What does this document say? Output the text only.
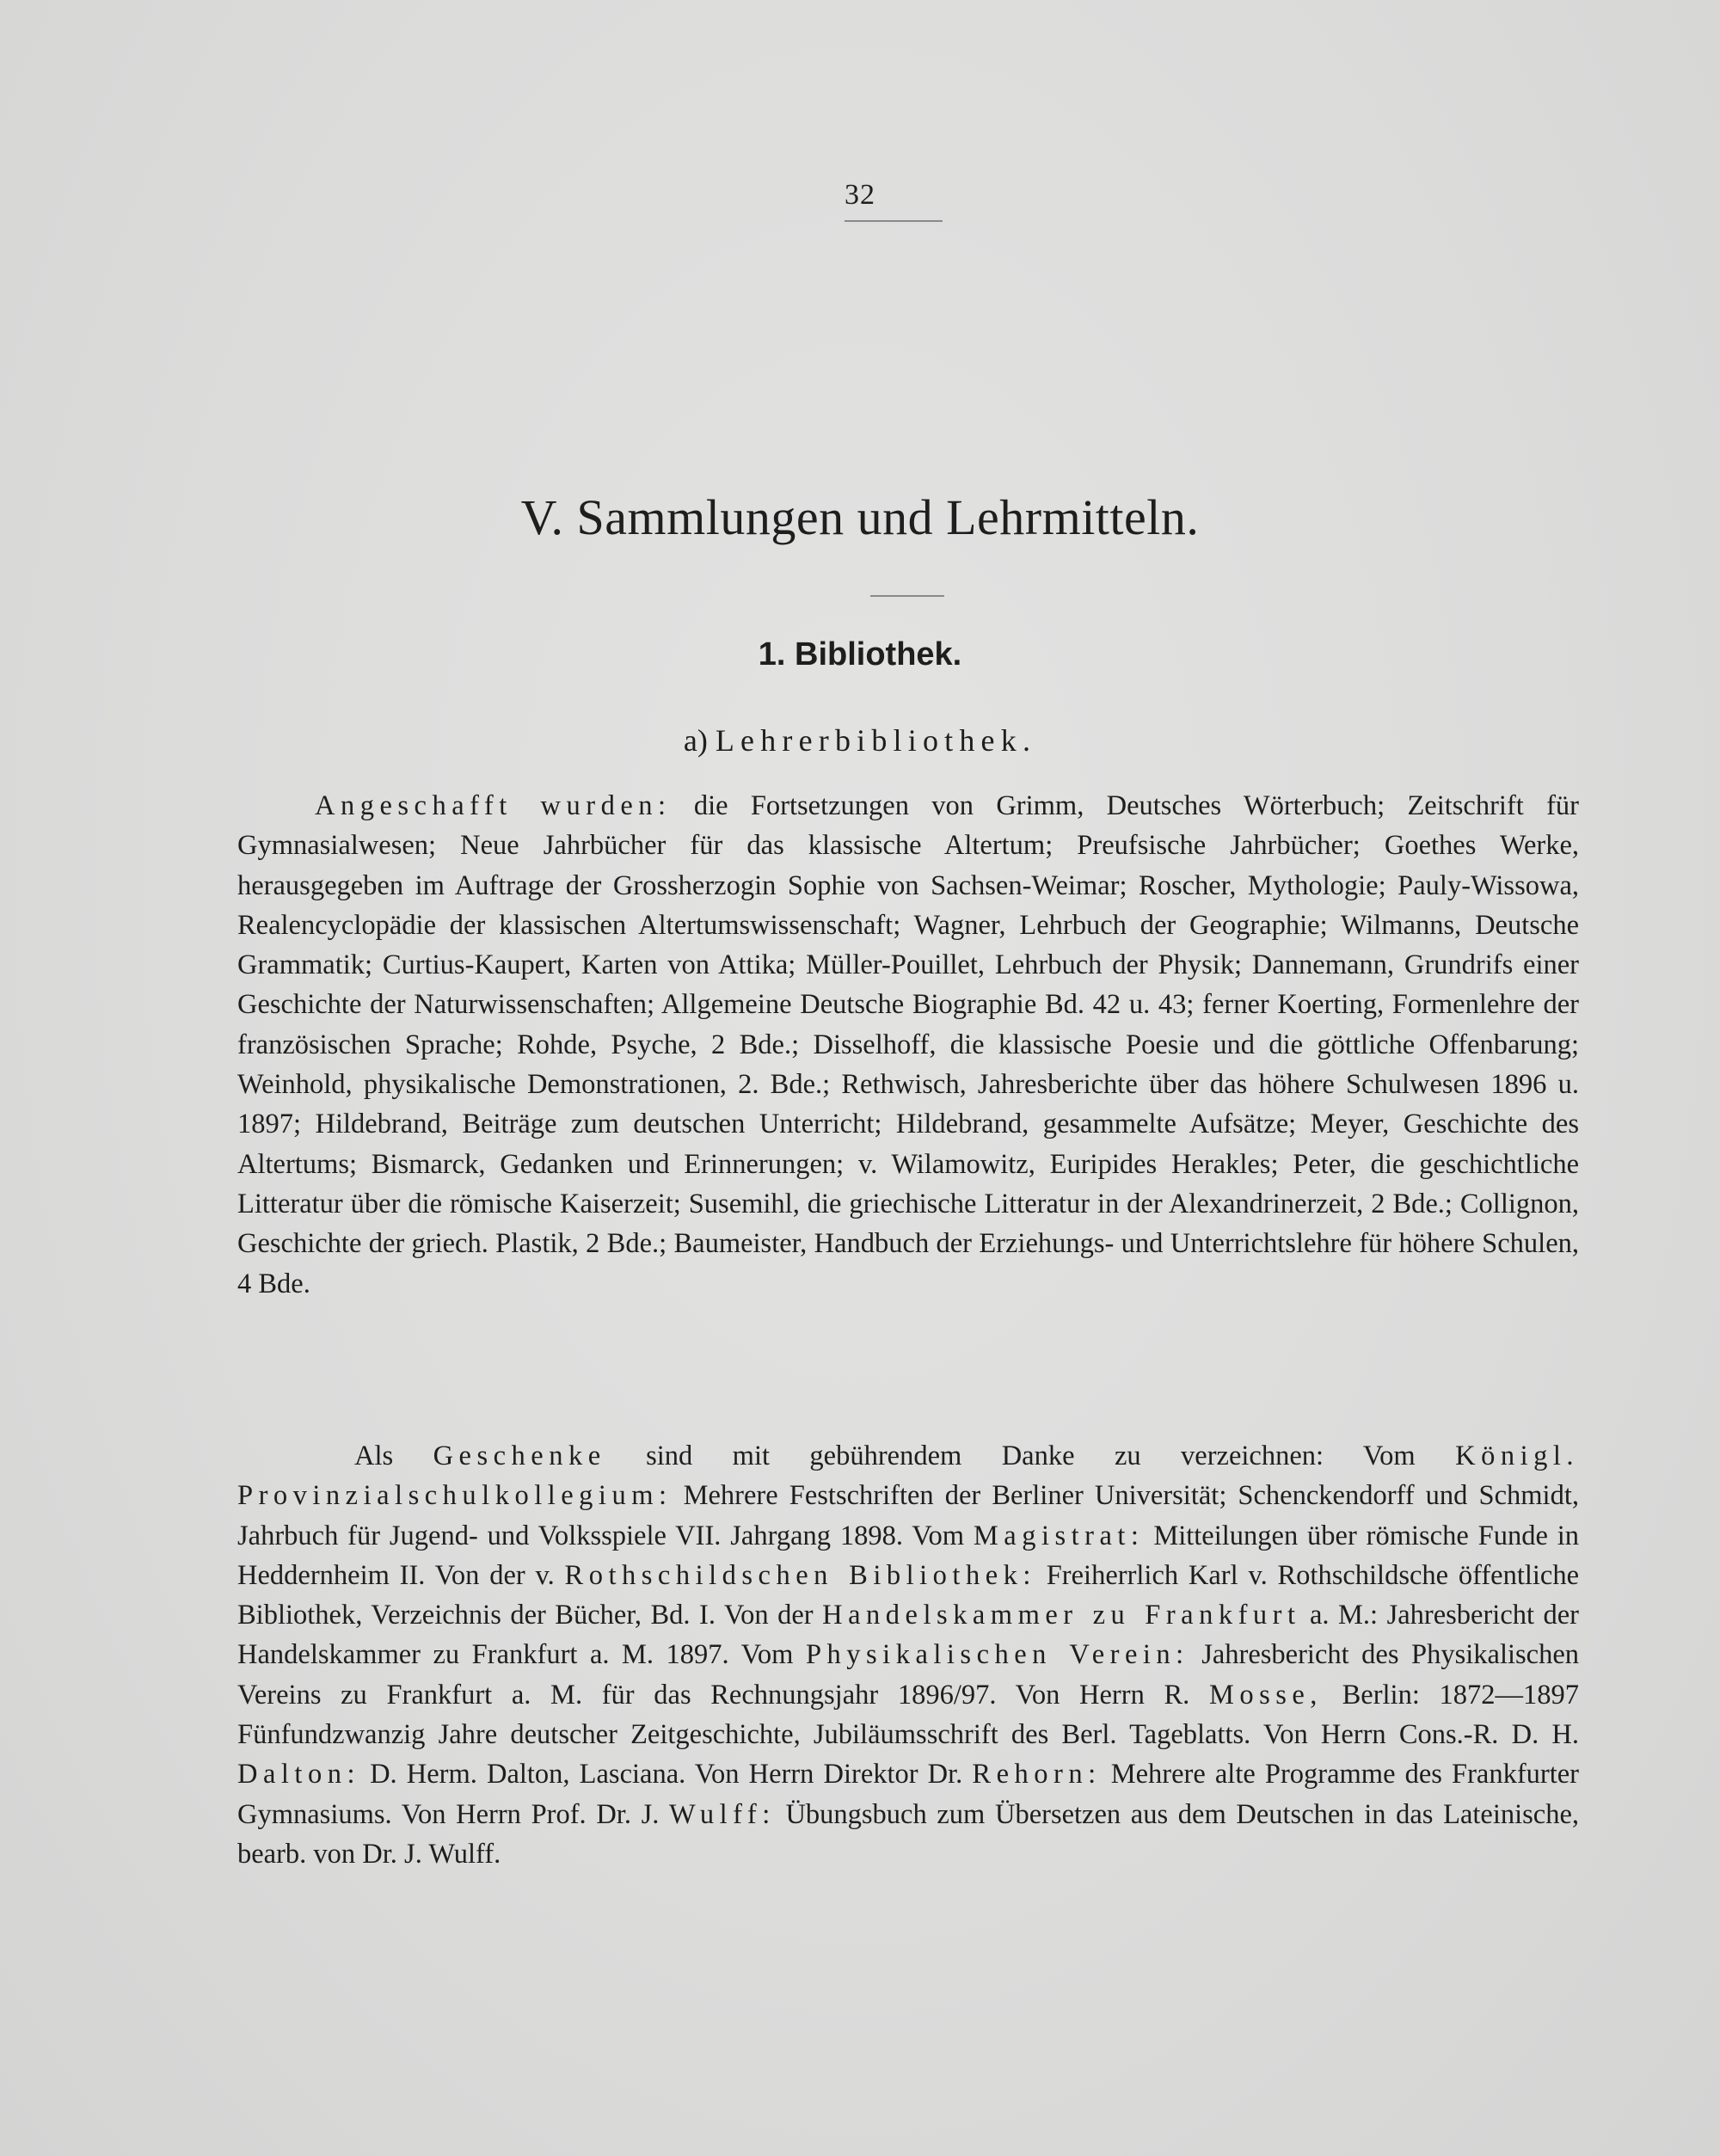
32
V. Sammlungen und Lehrmitteln.
1. Bibliothek.
a) Lehrerbibliothek.

Angeschafft wurden: die Fortsetzungen von Grimm, Deutsches Wörterbuch; Zeitschrift für Gymnasialwesen; Neue Jahrbücher für das klassische Altertum; Preufsische Jahrbücher; Goethes Werke, herausgegeben im Auftrage der Grossherzogin Sophie von Sachsen-Weimar; Roscher, Mythologie; Pauly-Wissowa, Realencyclopädie der klassischen Altertumswissenschaft; Wagner, Lehrbuch der Geographie; Wilmanns, Deutsche Grammatik; Curtius-Kaupert, Karten von Attika; Müller-Pouillet, Lehrbuch der Physik; Dannemann, Grundrifs einer Geschichte der Naturwissenschaften; Allgemeine Deutsche Biographie Bd. 42 u. 43; ferner Koerting, Formenlehre der französischen Sprache; Rohde, Psyche, 2 Bde.; Disselhoff, die klassische Poesie und die göttliche Offenbarung; Weinhold, physikalische Demonstrationen, 2. Bde.; Rethwisch, Jahresberichte über das höhere Schulwesen 1896 u. 1897; Hildebrand, Beiträge zum deutschen Unterricht; Hildebrand, gesammelte Aufsätze; Meyer, Geschichte des Altertums; Bismarck, Gedanken und Erinnerungen; v. Wilamowitz, Euripides Herakles; Peter, die geschichtliche Litteratur über die römische Kaiserzeit; Susemihl, die griechische Litteratur in der Alexandrinerzeit, 2 Bde.; Collignon, Geschichte der griech. Plastik, 2 Bde.; Baumeister, Handbuch der Erziehungs- und Unterrichtslehre für höhere Schulen, 4 Bde.

Als Geschenke sind mit gebührendem Danke zu verzeichnen: Vom Königl. Provinzialschulkollegium: Mehrere Festschriften der Berliner Universität; Schenckendorff und Schmidt, Jahrbuch für Jugend- und Volksspiele VII. Jahrgang 1898. Vom Magistrat: Mitteilungen über römische Funde in Heddernheim II. Von der v. Rothschildschen Bibliothek: Freiherrlich Karl v. Rothschildsche öffentliche Bibliothek, Verzeichnis der Bücher, Bd. I. Von der Handelskammer zu Frankfurt a. M.: Jahresbericht der Handelskammer zu Frankfurt a. M. 1897. Vom Physikalischen Verein: Jahresbericht des Physikalischen Vereins zu Frankfurt a. M. für das Rechnungsjahr 1896/97. Von Herrn R. Mosse, Berlin: 1872—1897 Fünfundzwanzig Jahre deutscher Zeitgeschichte, Jubiläumsschrift des Berl. Tageblatts. Von Herrn Cons.-R. D. H. Dalton: D. Herm. Dalton, Lasciana. Von Herrn Direktor Dr. Rehorn: Mehrere alte Programme des Frankfurter Gymnasiums. Von Herrn Prof. Dr. J. Wulff: Übungsbuch zum Übersetzen aus dem Deutschen in das Lateinische, bearb. von Dr. J. Wulff.
